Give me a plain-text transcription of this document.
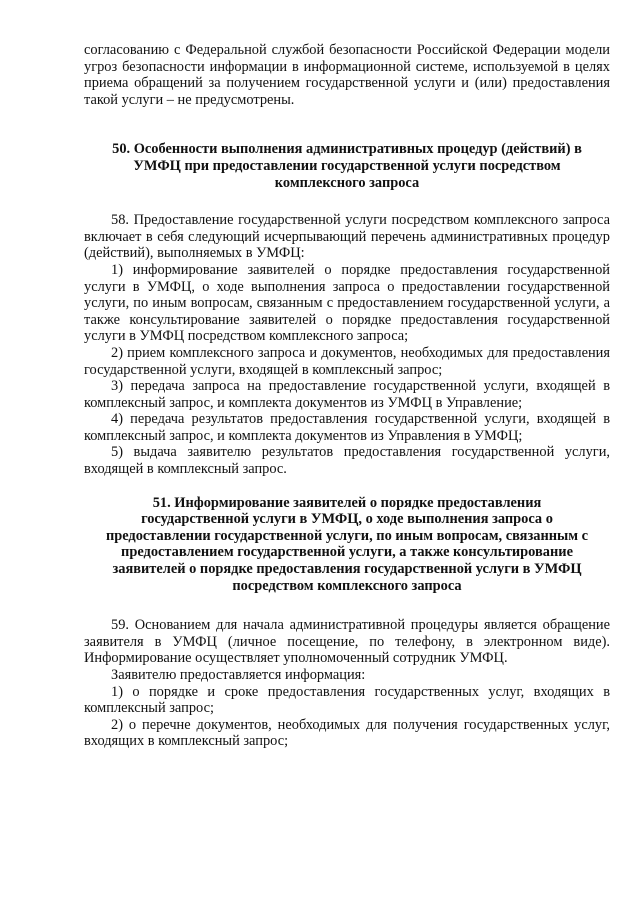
согласованию с Федеральной службой безопасности Российской Федерации модели угроз безопасности информации в информационной системе, используемой в целях приема обращений за получением государственной услуги и (или) предоставления такой услуги – не предусмотрены.

50. Особенности выполнения административных процедур (действий) в УМФЦ при предоставлении государственной услуги посредством комплексного запроса

58. Предоставление государственной услуги посредством комплексного запроса включает в себя следующий исчерпывающий перечень административных процедур (действий), выполняемых в УМФЦ:

1) информирование заявителей о порядке предоставления государственной услуги в УМФЦ, о ходе выполнения запроса о предоставлении государственной услуги, по иным вопросам, связанным с предоставлением государственной услуги, а также консультирование заявителей о порядке предоставления государственной услуги в УМФЦ посредством комплексного запроса;

2) прием комплексного запроса и документов, необходимых для предоставления государственной услуги, входящей в комплексный запрос;

3) передача запроса на предоставление государственной услуги, входящей в комплексный запрос, и комплекта документов из УМФЦ в Управление;

4) передача результатов предоставления государственной услуги, входящей в комплексный запрос, и комплекта документов из Управления в УМФЦ;

5) выдача заявителю результатов предоставления государственной услуги, входящей в комплексный запрос.

51. Информирование заявителей о порядке предоставления государственной услуги в УМФЦ, о ходе выполнения запроса о предоставлении государственной услуги, по иным вопросам, связанным с предоставлением государственной услуги, а также консультирование заявителей о порядке предоставления государственной услуги в УМФЦ посредством комплексного запроса

59. Основанием для начала административной процедуры является обращение заявителя в УМФЦ (личное посещение, по телефону, в электронном виде). Информирование осуществляет уполномоченный сотрудник УМФЦ.

Заявителю предоставляется информация:

1) о порядке и сроке предоставления государственных услуг, входящих в комплексный запрос;

2) о перечне документов, необходимых для получения государственных услуг, входящих в комплексный запрос;
